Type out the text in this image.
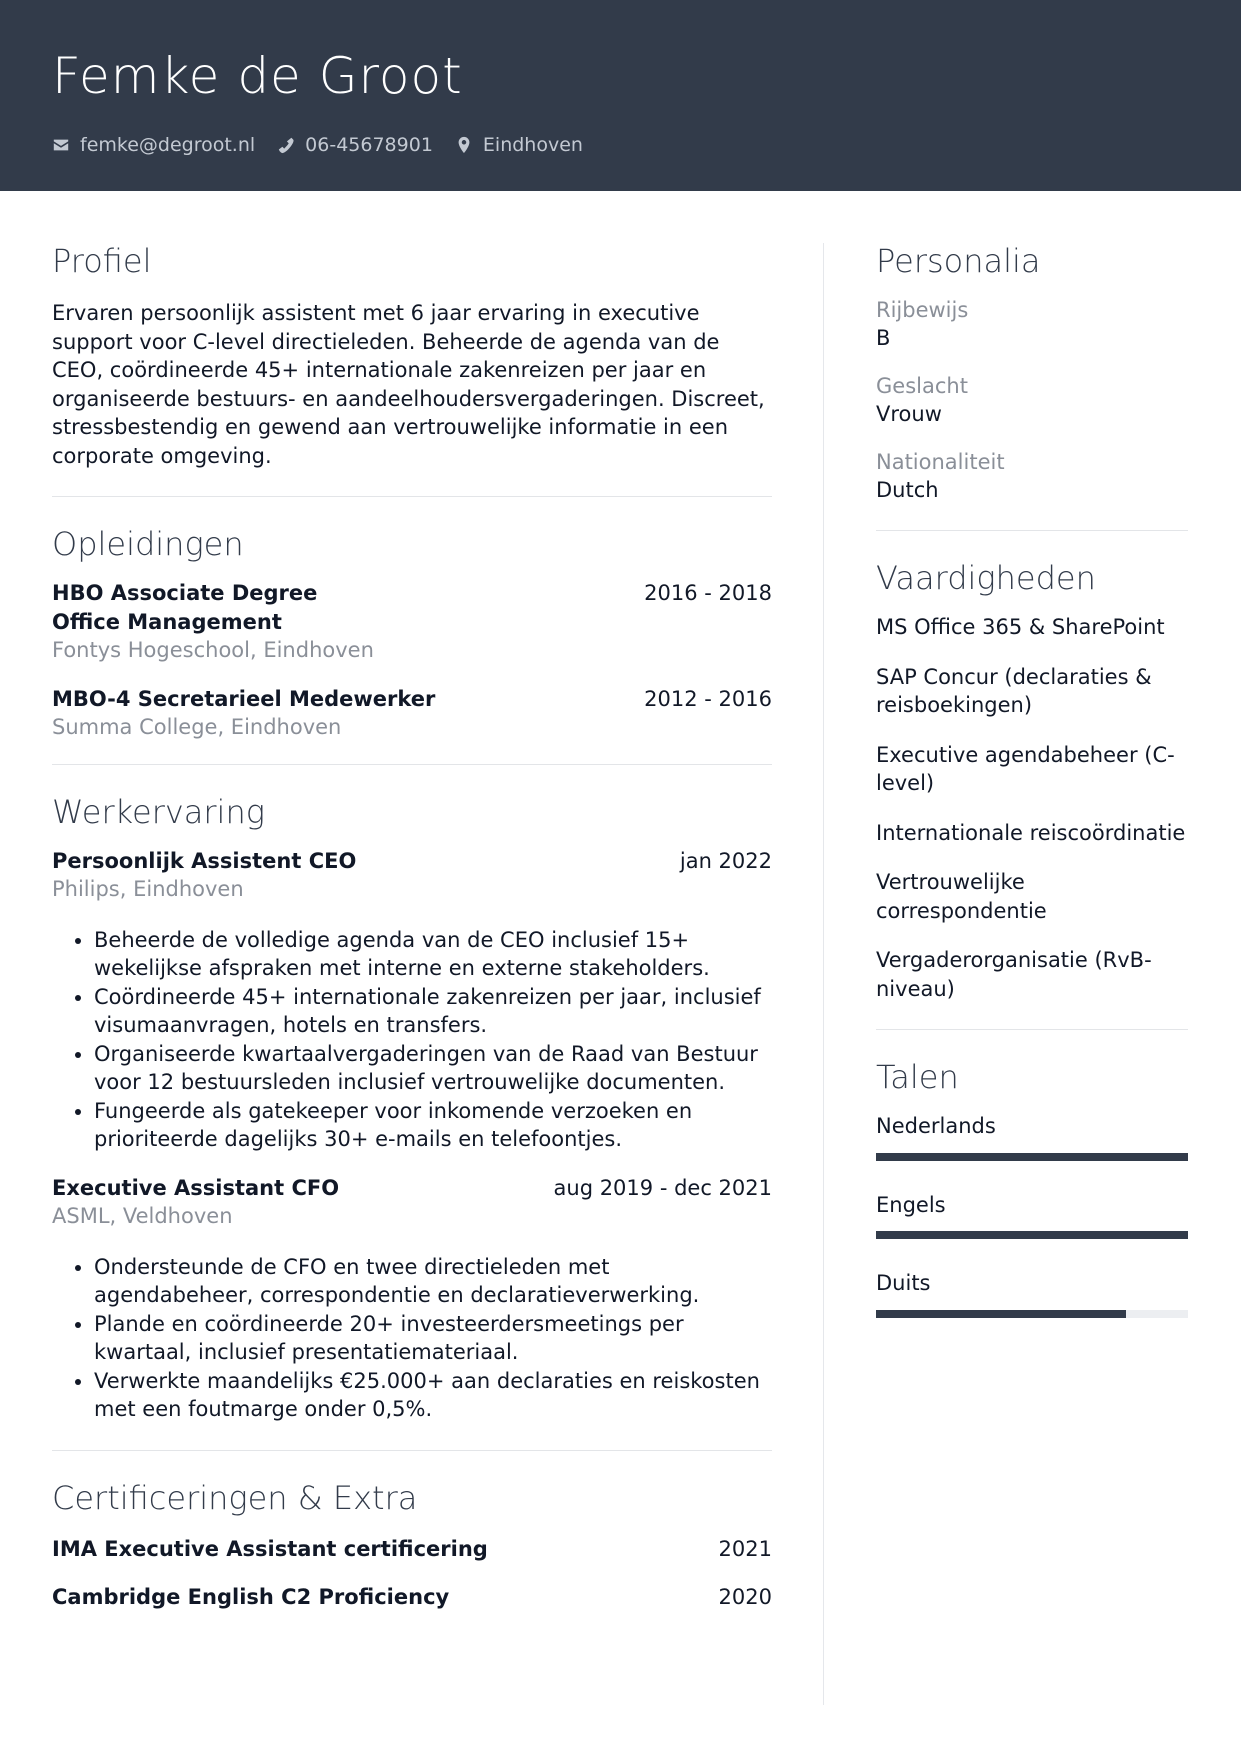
Femke de Groot
femke@degroot.nl	06-45678901	Eindhoven
Profiel
Ervaren persoonlijk assistent met 6 jaar ervaring in executive support voor C-level directieleden. Beheerde de agenda van de CEO, coördineerde 45+ internationale zakenreizen per jaar en organiseerde bestuurs- en aandeelhoudersvergaderingen. Discreet, stressbestendig en gewend aan vertrouwelijke informatie in een corporate omgeving.
Opleidingen
HBO Associate Degree Office Management
2016 - 2018
Fontys Hogeschool, Eindhoven
MBO-4 Secretarieel Medewerker	2012 - 2016
Summa College, Eindhoven
Werkervaring
Persoonlijk Assistent CEO	jan 2022
Philips, Eindhoven
• Beheerde de volledige agenda van de CEO inclusief 15+ wekelijkse afspraken met interne en externe stakeholders.
• Coördineerde 45+ internationale zakenreizen per jaar, inclusief visumaanvragen, hotels en transfers.
• Organiseerde kwartaalvergaderingen van de Raad van Bestuur voor 12 bestuursleden inclusief vertrouwelijke documenten.
• Fungeerde als gatekeeper voor inkomende verzoeken en prioriteerde dagelijks 30+ e-mails en telefoontjes.
Executive Assistant CFO	aug 2019 - dec 2021
ASML, Veldhoven
• Ondersteunde de CFO en twee directieleden met agendabeheer, correspondentie en declaratieverwerking.
• Plande en coördineerde 20+ investeerdersmeetings per kwartaal, inclusief presentatiemateriaal.
• Verwerkte maandelijks €25.000+ aan declaraties en reiskosten met een foutmarge onder 0,5%.
Certificeringen & Extra
IMA Executive Assistant certificering	2021
Cambridge English C2 Proficiency	2020
Personalia
Rijbewijs
B
Geslacht
Vrouw
Nationaliteit
Dutch
Vaardigheden
MS Office 365 & SharePoint
SAP Concur (declaraties & reisboekingen)
Executive agendabeheer (C-level)
Internationale reiscoördinatie
Vertrouwelijke correspondentie
Vergaderorganisatie (RvB-niveau)
Talen
Nederlands
Engels
Duits
